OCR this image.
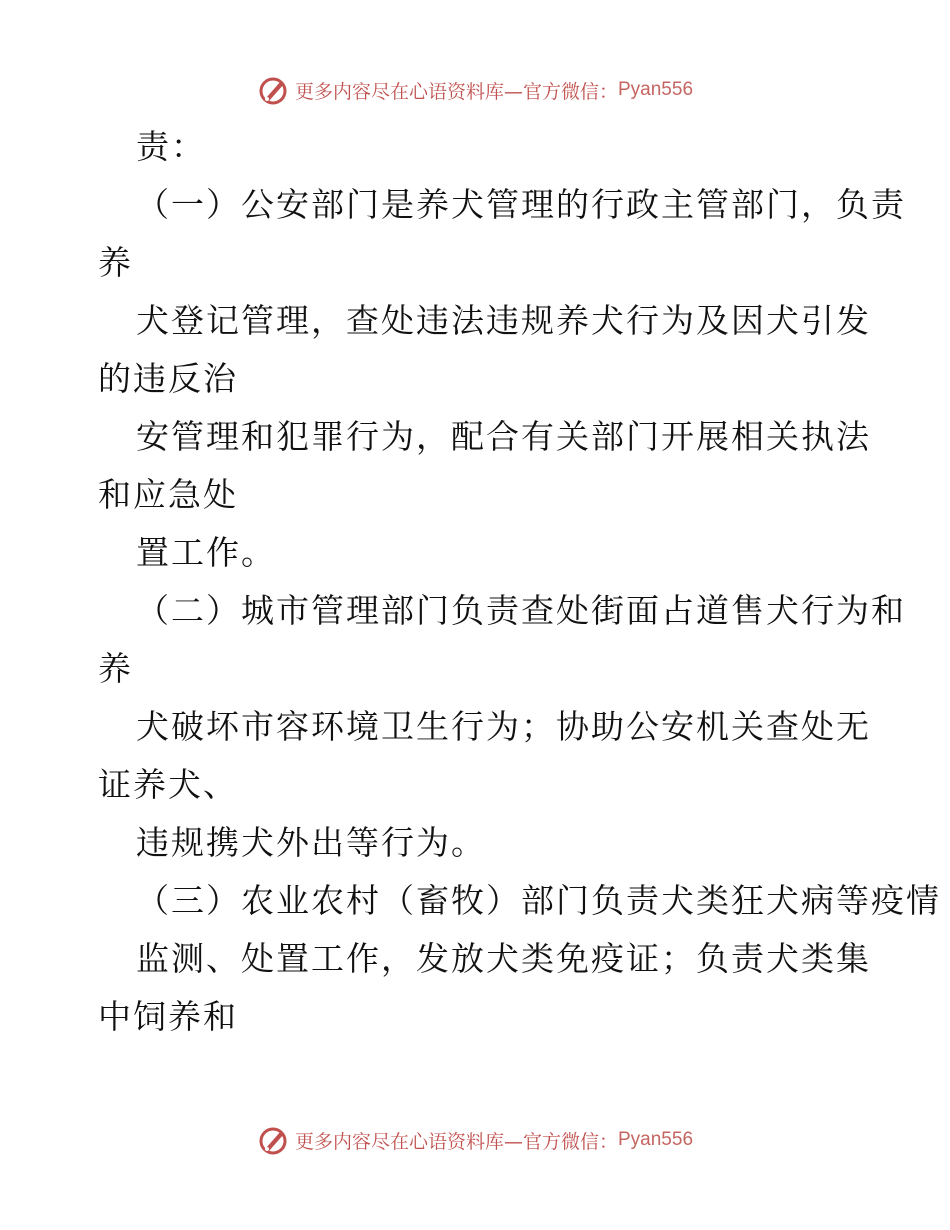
更多内容尽在心语资料库—官方微信： Pyan556
责：
（一）公安部门是养犬管理的行政主管部门，负责
养
犬登记管理，查处违法违规养犬行为及因犬引发
的违反治
安管理和犯罪行为，配合有关部门开展相关执法
和应急处
置工作。
（二）城市管理部门负责查处街面占道售犬行为和
养
犬破坏市容环境卫生行为；协助公安机关查处无
证养犬、
违规携犬外出等行为。
（三）农业农村（畜牧）部门负责犬类狂犬病等疫情
监测、处置工作，发放犬类免疫证；负责犬类集
中饲养和
更多内容尽在心语资料库—官方微信： Pyan556
